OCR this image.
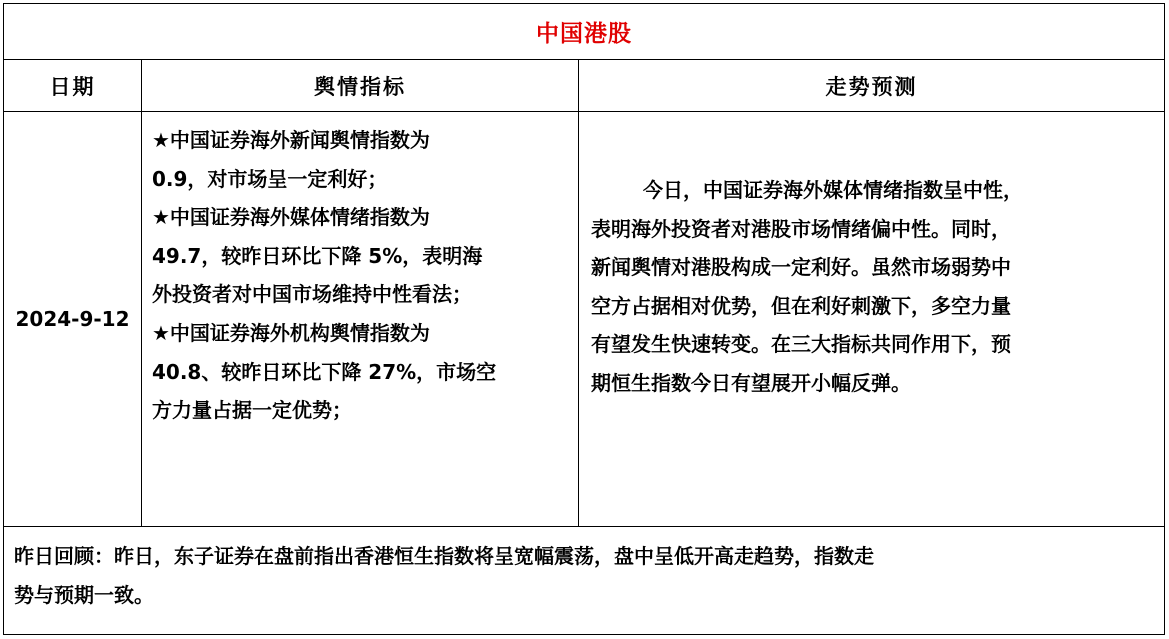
中国港股
日期	舆情指标	走势预测
2024-9-12
★中国证券海外新闻舆情指数为
0.9，对市场呈一定利好；
★中国证券海外媒体情绪指数为
49.7，较昨日环比下降 5%，表明海
外投资者对中国市场维持中性看法；
★中国证券海外机构舆情指数为
40.8、较昨日环比下降 27%，市场空
方力量占据一定优势；
今日，中国证券海外媒体情绪指数呈中性，
表明海外投资者对港股市场情绪偏中性。同时，
新闻舆情对港股构成一定利好。虽然市场弱势中
空方占据相对优势，但在利好刺激下，多空力量
有望发生快速转变。在三大指标共同作用下，预
期恒生指数今日有望展开小幅反弹。
昨日回顾：昨日，东子证券在盘前指出香港恒生指数将呈宽幅震荡，盘中呈低开高走趋势，指数走
势与预期一致。
